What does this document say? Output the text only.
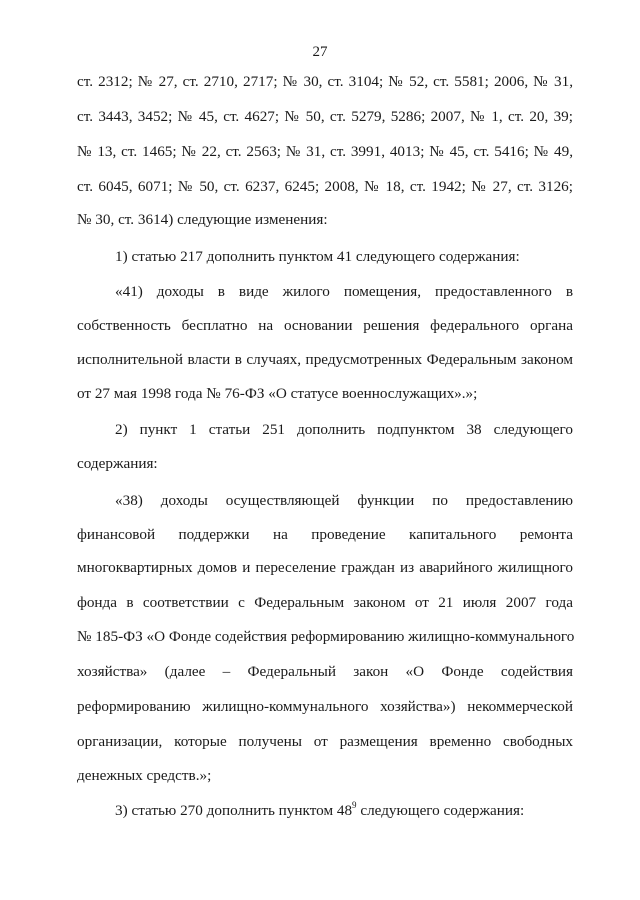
27
ст. 2312; № 27, ст. 2710, 2717; № 30, ст. 3104; № 52, ст. 5581; 2006, № 31,
ст. 3443, 3452; № 45, ст. 4627; № 50, ст. 5279, 5286; 2007, № 1, ст. 20, 39;
№ 13, ст. 1465; № 22, ст. 2563; № 31, ст. 3991, 4013; № 45, ст. 5416; № 49,
ст. 6045, 6071; № 50, ст. 6237, 6245; 2008, № 18, ст. 1942; № 27, ст. 3126;
№ 30, ст. 3614) следующие изменения:
1) статью 217 дополнить пунктом 41 следующего содержания:
«41) доходы в виде жилого помещения, предоставленного в
собственность бесплатно на основании решения федерального органа
исполнительной власти в случаях, предусмотренных Федеральным законом
от 27 мая 1998 года № 76-ФЗ «О статусе военнослужащих».»;
2) пункт 1 статьи 251 дополнить подпунктом 38 следующего
содержания:
«38) доходы осуществляющей функции по предоставлению
финансовой поддержки на проведение капитального ремонта
многоквартирных домов и переселение граждан из аварийного жилищного
фонда в соответствии с Федеральным законом от 21 июля 2007 года
№ 185-ФЗ «О Фонде содействия реформированию жилищно-коммунального
хозяйства» (далее – Федеральный закон «О Фонде содействия
реформированию жилищно-коммунального хозяйства») некоммерческой
организации, которые получены от размещения временно свободных
денежных средств.»;
3) статью 270 дополнить пунктом $48^9$ следующего содержания:
